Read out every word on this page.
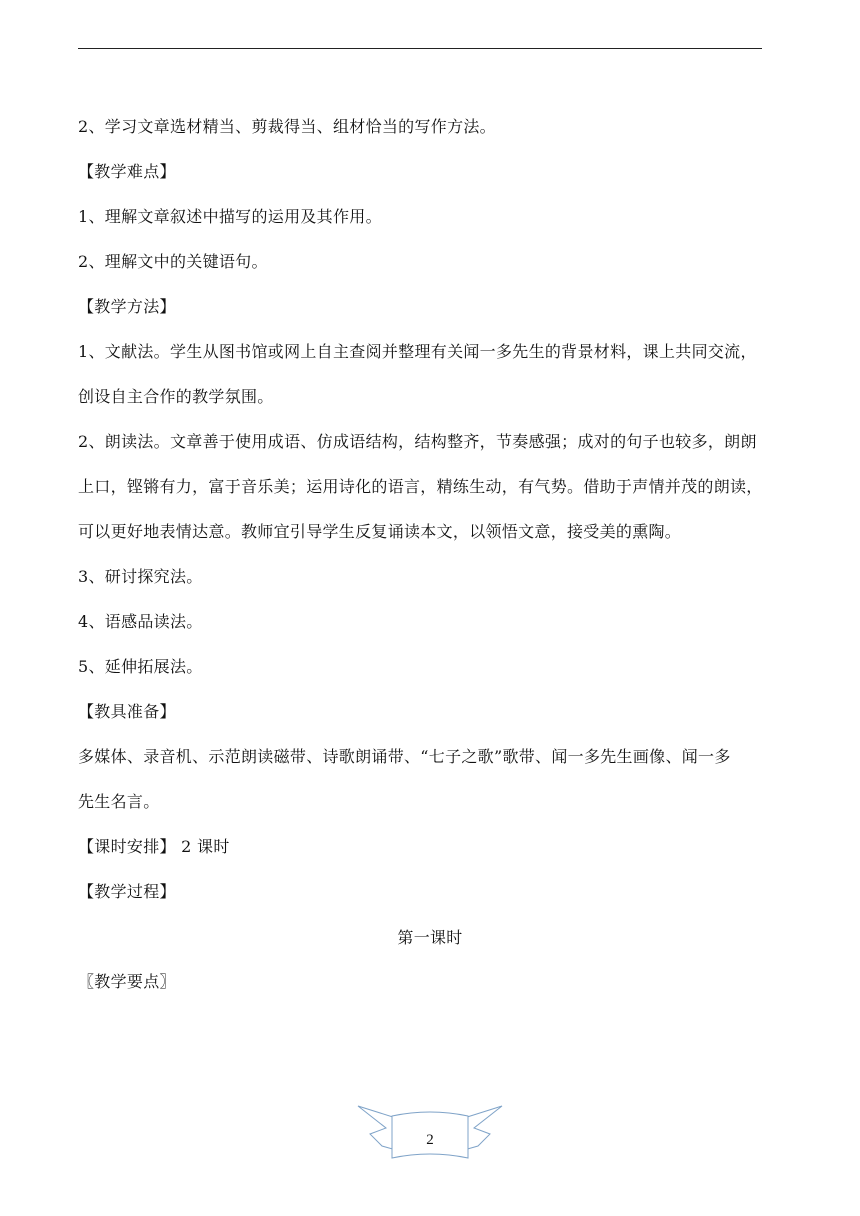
2、学习文章选材精当、剪裁得当、组材恰当的写作方法。
【教学难点】
1、理解文章叙述中描写的运用及其作用。
2、理解文中的关键语句。
【教学方法】
1、文献法。学生从图书馆或网上自主查阅并整理有关闻一多先生的背景材料，课上共同交流，
创设自主合作的教学氛围。
2、朗读法。文章善于使用成语、仿成语结构，结构整齐，节奏感强；成对的句子也较多，朗朗
上口，铿锵有力，富于音乐美；运用诗化的语言，精练生动，有气势。借助于声情并茂的朗读，
可以更好地表情达意。教师宜引导学生反复诵读本文，以领悟文意，接受美的熏陶。
3、研讨探究法。
4、语感品读法。
5、延伸拓展法。
【教具准备】
多媒体、录音机、示范朗读磁带、诗歌朗诵带、“七子之歌”歌带、闻一多先生画像、闻一多
先生名言。
【课时安排】 2 课时
【教学过程】
第一课时
〖教学要点〗
2
